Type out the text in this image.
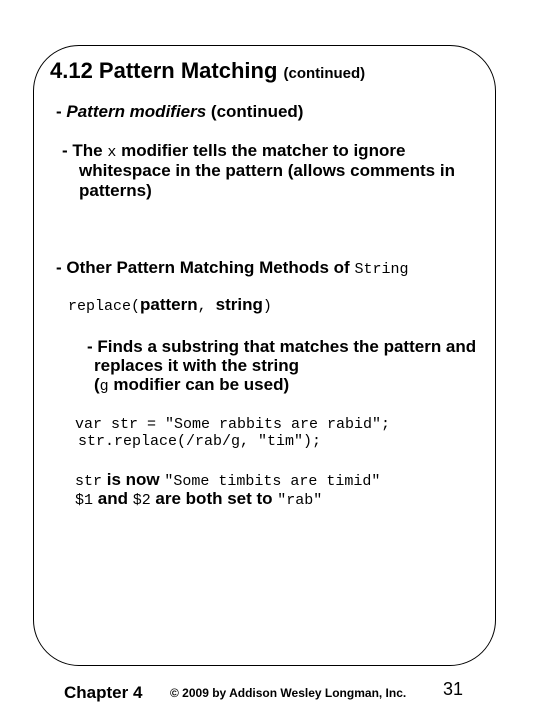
4.12 Pattern Matching (continued)
- Pattern modifiers (continued)
- The x modifier tells the matcher to ignore
whitespace in the pattern (allows comments in
patterns)
- Other Pattern Matching Methods of String
replace(pattern, string)
- Finds a substring that matches the pattern and
replaces it with the string
(g modifier can be used)
var str = "Some rabbits are rabid";
str.replace(/rab/g, "tim");
str is now "Some timbits are timid"
$1 and $2 are both set to "rab"
Chapter 4 © 2009 by Addison Wesley Longman, Inc. 31
